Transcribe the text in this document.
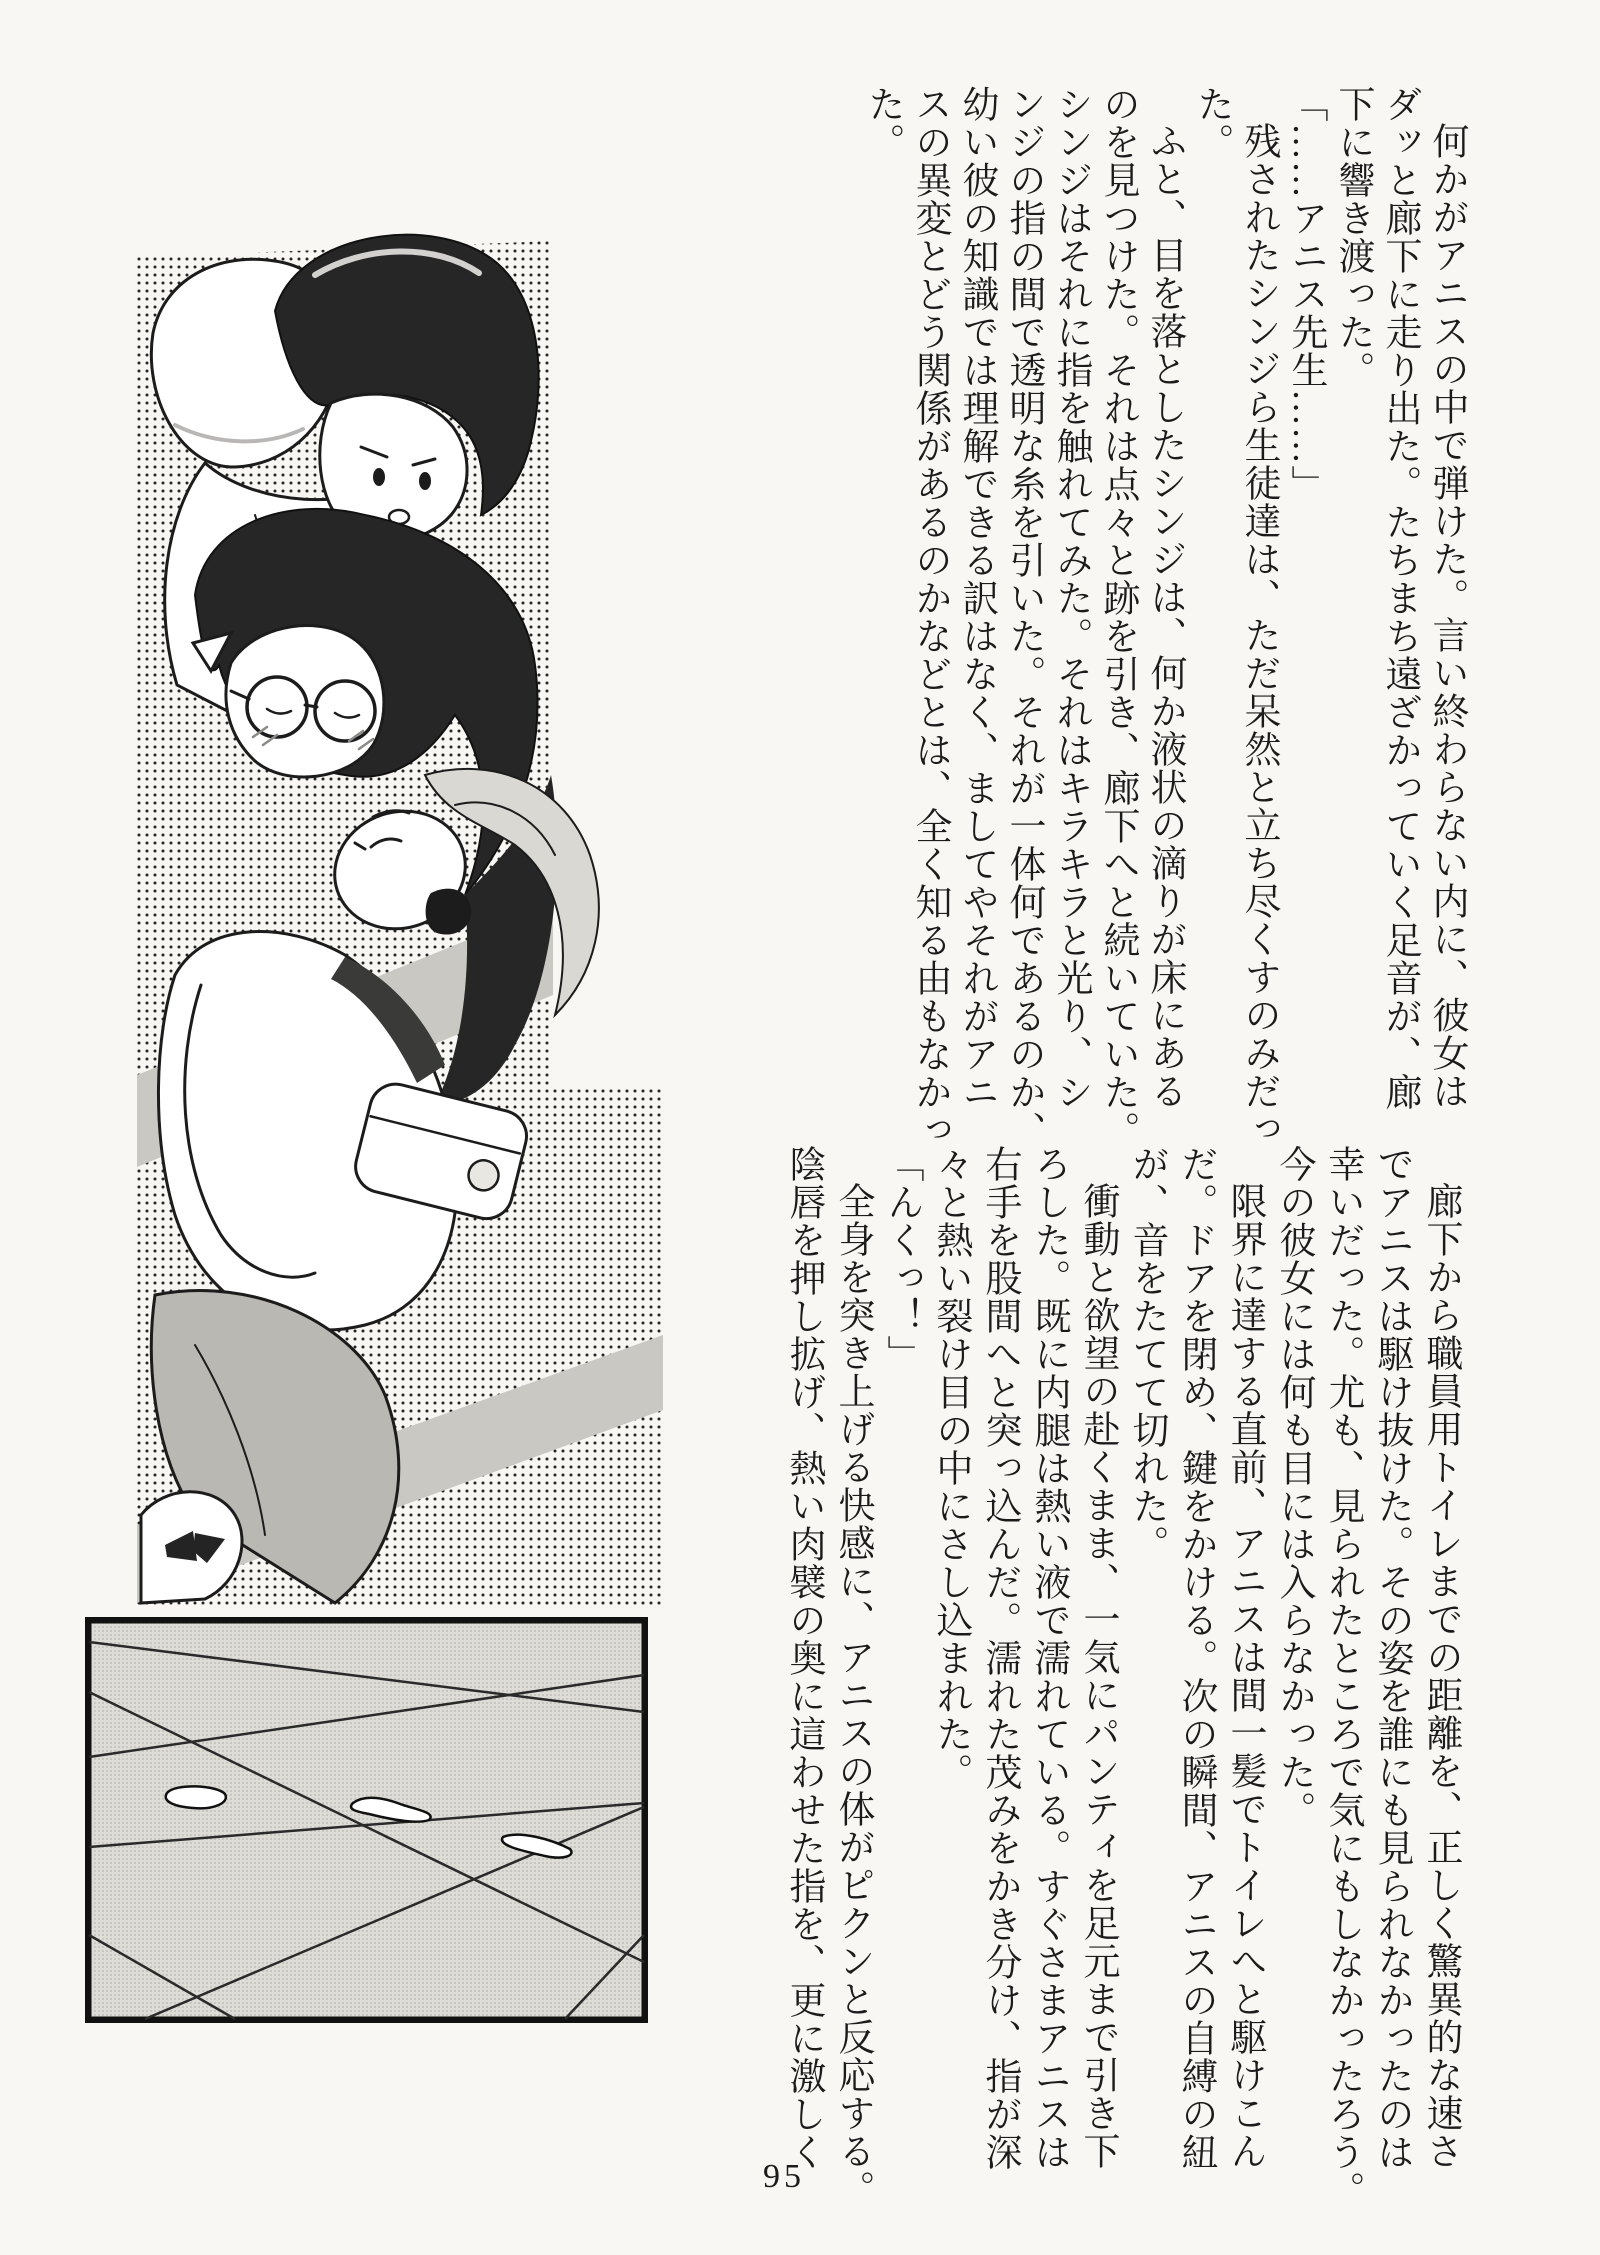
何かがアニスの中で弾けた。言い終わらない内に、彼女は

ダッと廊下に走り出た。たちまち遠ざかっていく足音が、廊

下に響き渡った。

「……アニス先生……」

残されたシンジら生徒達は、ただ呆然と立ち尽くすのみだっ

た。

ふと、目を落としたシンジは、何か液状の滴りが床にある

のを見つけた。それは点々と跡を引き、廊下へと続いていた。

シンジはそれに指を触れてみた。それはキラキラと光り、シ

ンジの指の間で透明な糸を引いた。それが一体何であるのか、

幼い彼の知識では理解できる訳はなく、ましてやそれがアニ

スの異変とどう関係があるのかなどとは、全く知る由もなかっ

た。

廊下から職員用トイレまでの距離を、正しく驚異的な速さ

でアニスは駆け抜けた。その姿を誰にも見られなかったのは

幸いだった。尤も、見られたところで気にもしなかったろう。

今の彼女には何も目には入らなかった。

限界に達する直前、アニスは間一髪でトイレへと駆けこん

だ。ドアを閉め、鍵をかける。次の瞬間、アニスの自縛の紐

が、音をたてて切れた。

衝動と欲望の赴くまま、一気にパンティを足元まで引き下

ろした。既に内腿は熱い液で濡れている。すぐさまアニスは

右手を股間へと突っ込んだ。濡れた茂みをかき分け、指が深

々と熱い裂け目の中にさし込まれた。

「んくっ！」

全身を突き上げる快感に、アニスの体がピクンと反応する。

陰唇を押し拡げ、熱い肉襞の奥に這わせた指を、更に激しく

95
